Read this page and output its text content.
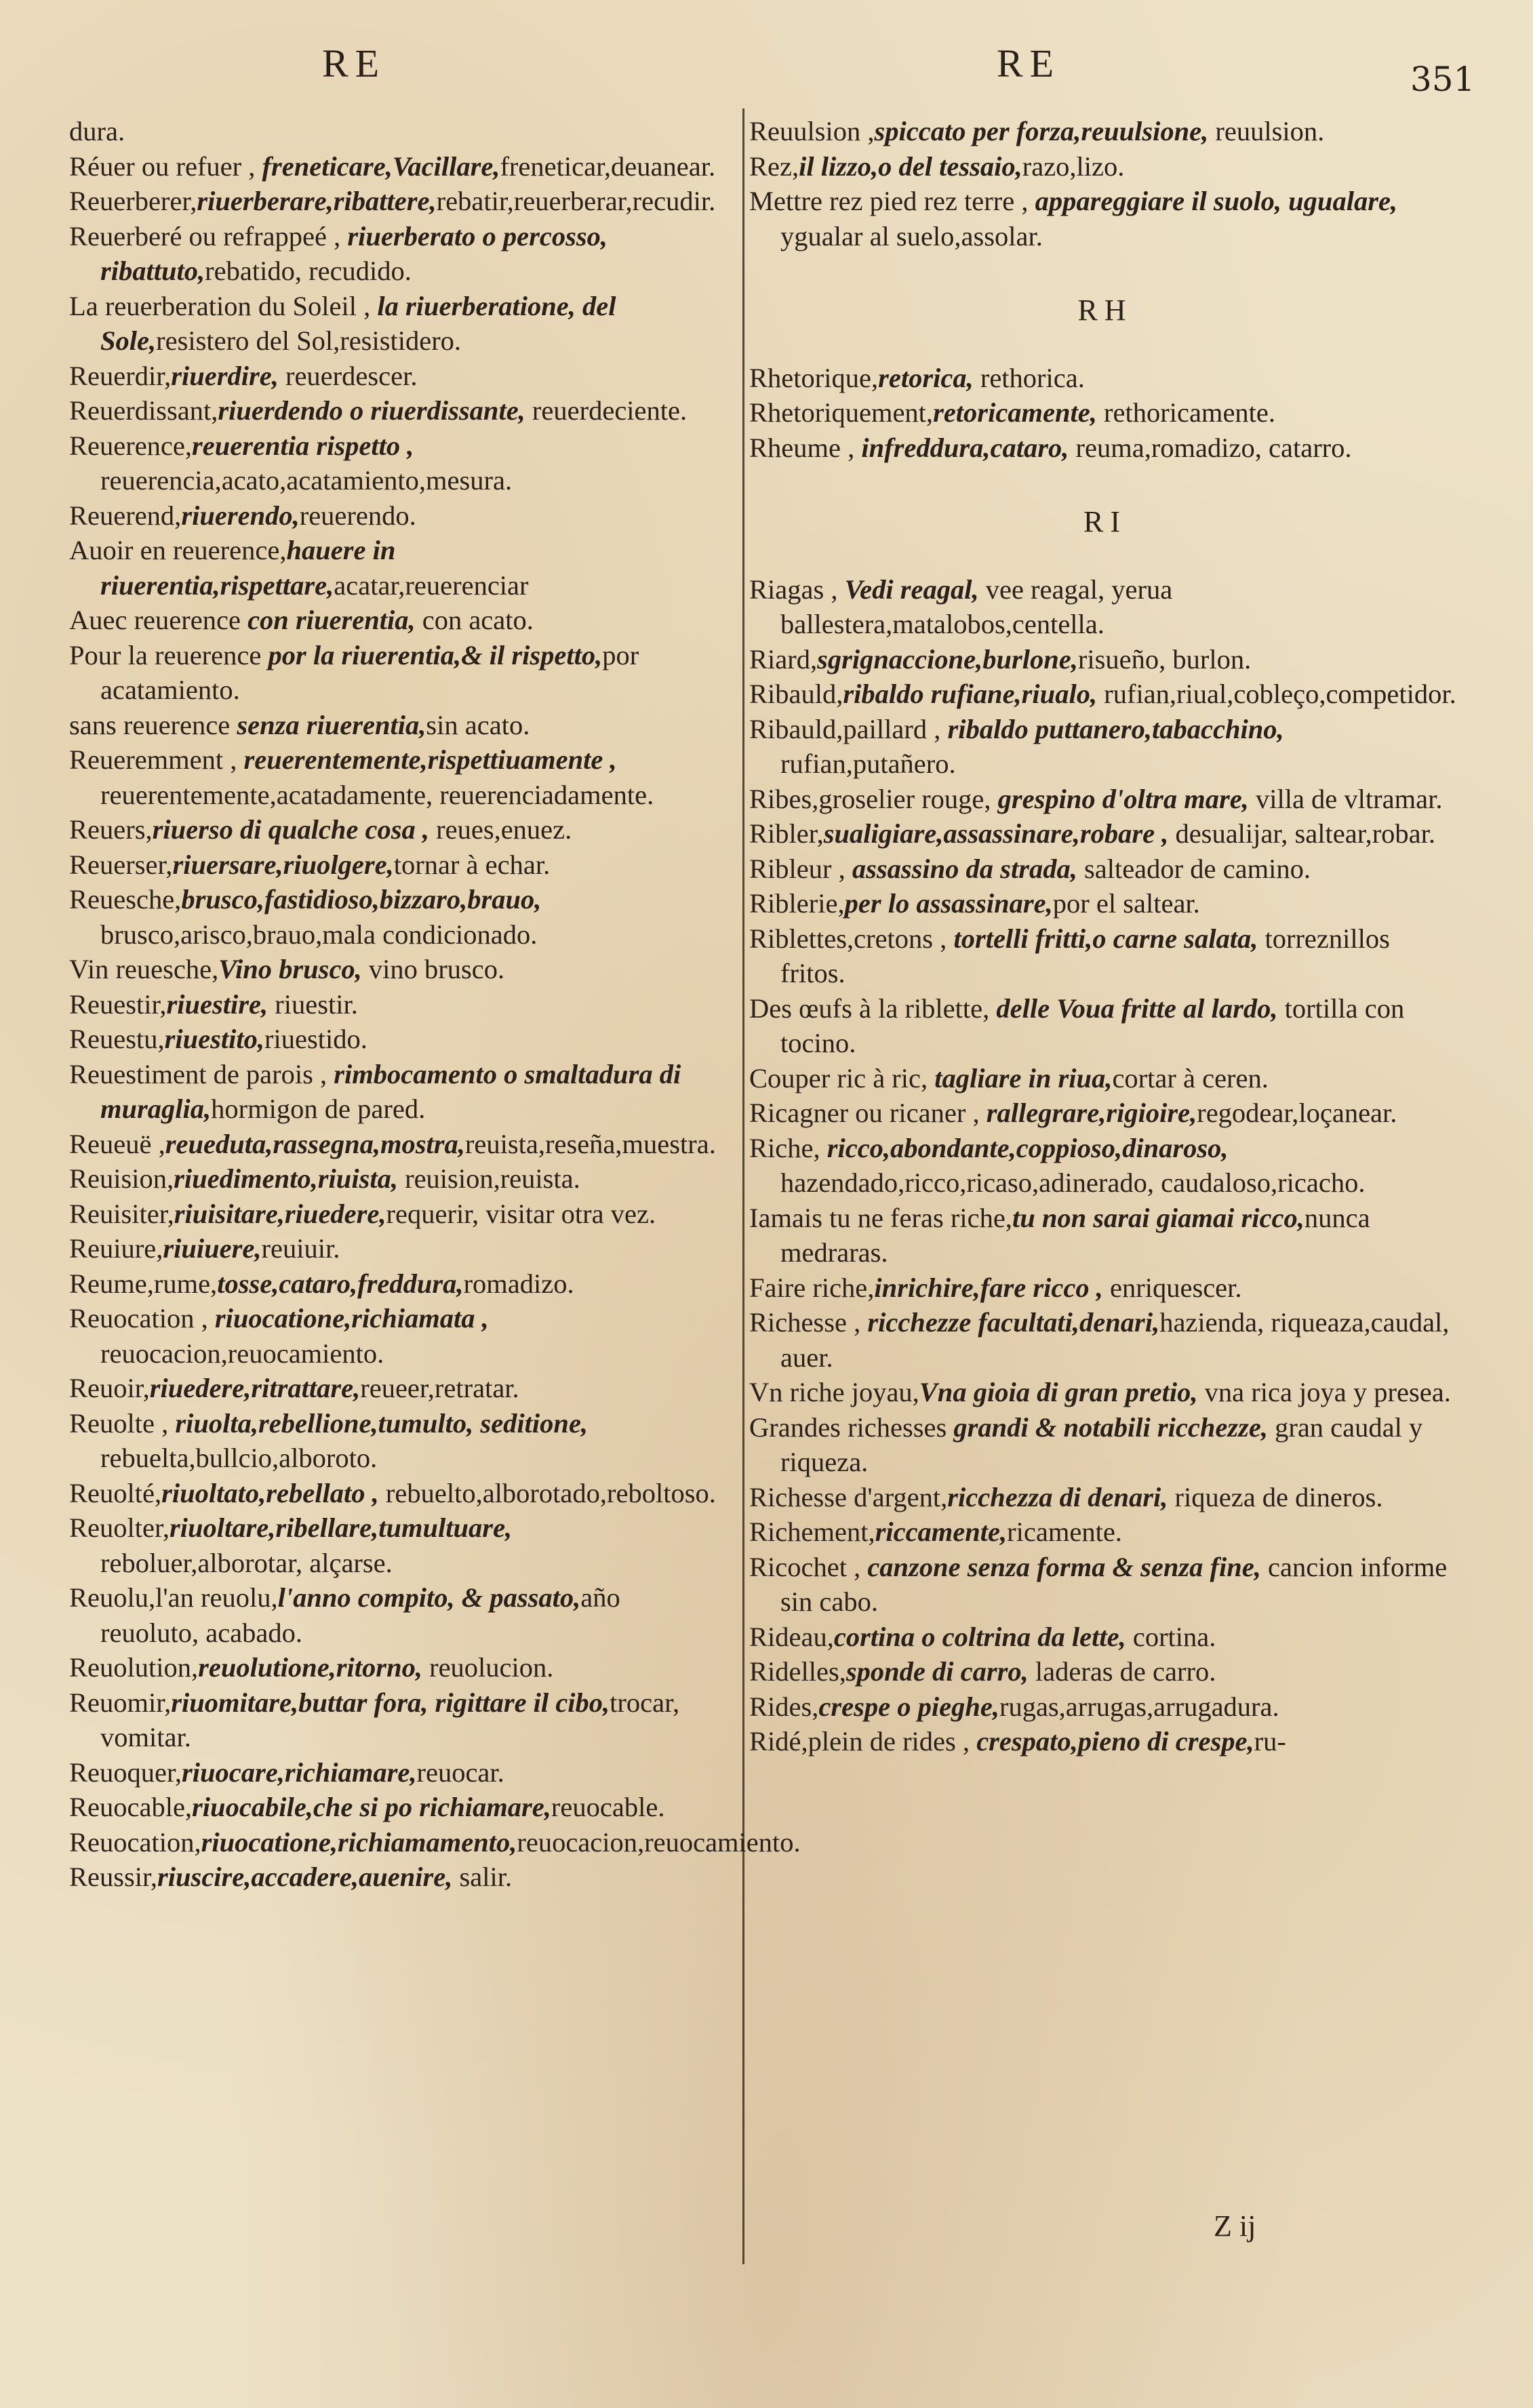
RE	RE	351

dura.

Réuer ou refuer , freneticare,Vacillare,freneticar,deuanear.

Reuerberer,riuerberare,ribattere,rebatir,reuerberar,recudir.

Reuerberé ou refrappeé , riuerberato o percosso, ribattuto,rebatido, recudido.

La reuerberation du Soleil , la riuerberatione, del Sole,resistero del Sol,resistidero.

Reuerdir,riuerdire, reuerdescer.

Reuerdissant,riuerdendo o riuerdissante, reuerdeciente.

Reuerence,reuerentia rispetto , reuerencia,acato,acatamiento,mesura.

Reuerend,riuerendo,reuerendo.

Auoir en reuerence,hauere in riuerentia,rispettare,acatar,reuerenciar

Auec reuerence con riuerentia, con acato.

Pour la reuerence por la riuerentia,& il rispetto,por acatamiento.

sans reuerence senza riuerentia,sin acato.

Reueremment , reuerentemente,rispettiuamente , reuerentemente,acatadamente, reuerenciadamente.

Reuers,riuerso di qualche cosa , reues,enuez.

Reuerser,riuersare,riuolgere,tornar à echar.

Reuesche,brusco,fastidioso,bizzaro,brauo, brusco,arisco,brauo,mala condicionado.

Vin reuesche,Vino brusco, vino brusco.

Reuestir,riuestire, riuestir.

Reuestu,riuestito,riuestido.

Reuestiment de parois , rimbocamento o smaltadura di muraglia,hormigon de pared.

Reueuë ,reueduta,rassegna,mostra,reuista,reseña,muestra.

Reuision,riuedimento,riuista, reuision,reuista.

Reuisiter,riuisitare,riuedere,requerir, visitar otra vez.

Reuiure,riuiuere,reuiuir.

Reume,rume,tosse,cataro,freddura,romadizo.

Reuocation , riuocatione,richiamata , reuocacion,reuocamiento.

Reuoir,riuedere,ritrattare,reueer,retratar.

Reuolte , riuolta,rebellione,tumulto, seditione, rebuelta,bullcio,alboroto.

Reuolté,riuoltato,rebellato , rebuelto,alborotado,reboltoso.

Reuolter,riuoltare,ribellare,tumultuare, reboluer,alborotar, alçarse.

Reuolu,l'an reuolu,l'anno compito, & passato,año reuoluto, acabado.

Reuolution,reuolutione,ritorno, reuolucion.

Reuomir,riuomitare,buttar fora, rigittare il cibo,trocar, vomitar.

Reuoquer,riuocare,richiamare,reuocar.

Reuocable,riuocabile,che si po richiamare,reuocable.

Reuocation,riuocatione,richiamamento,reuocacion,reuocamiento.

Reussir,riuscire,accadere,auenire, salir.

Reuulsion ,spiccato per forza,reuulsione, reuulsion.

Rez,il lizzo,o del tessaio,razo,lizo.

Mettre rez pied rez terre , appareggiare il suolo, ugualare, ygualar al suelo,assolar.

RH

Rhetorique,retorica, rethorica.

Rhetoriquement,retoricamente, rethoricamente.

Rheume , infreddura,cataro, reuma,romadizo, catarro.

RI

Riagas , Vedi reagal, vee reagal, yerua ballestera,matalobos,centella.

Riard,sgrignaccione,burlone,risueño, burlon.

Ribauld,ribaldo rufiane,riualo, rufian,riual,cobleço,competidor.

Ribauld,paillard , ribaldo puttanero,tabacchino, rufian,putañero.

Ribes,groselier rouge, grespino d'oltra mare, villa de vltramar.

Ribler,sualigiare,assassinare,robare , desualijar, saltear,robar.

Ribleur , assassino da strada, salteador de camino.

Riblerie,per lo assassinare,por el saltear.

Riblettes,cretons , tortelli fritti,o carne salata, torreznillos fritos.

Des œufs à la riblette, delle Voua fritte al lardo, tortilla con tocino.

Couper ric à ric, tagliare in riua,cortar à ceren.

Ricagner ou ricaner , rallegrare,rigioire,regodear,loçanear.

Riche, ricco,abondante,coppioso,dinaroso, hazendado,ricco,ricaso,adinerado, caudaloso,ricacho.

Iamais tu ne feras riche,tu non sarai giamai ricco,nunca medraras.

Faire riche,inrichire,fare ricco , enriquescer.

Richesse , ricchezze facultati,denari,hazienda, riqueaza,caudal, auer.

Vn riche joyau,Vna gioia di gran pretio, vna rica joya y presea.

Grandes richesses grandi & notabili ricchezze, gran caudal y riqueza.

Richesse d'argent,ricchezza di denari, riqueza de dineros.

Richement,riccamente,ricamente.

Ricochet , canzone senza forma & senza fine, cancion informe sin cabo.

Rideau,cortina o coltrina da lette, cortina.

Ridelles,sponde di carro, laderas de carro.

Rides,crespe o pieghe,rugas,arrugas,arrugadura.

Ridé,plein de rides , crespato,pieno di crespe,ru-

Z ij
